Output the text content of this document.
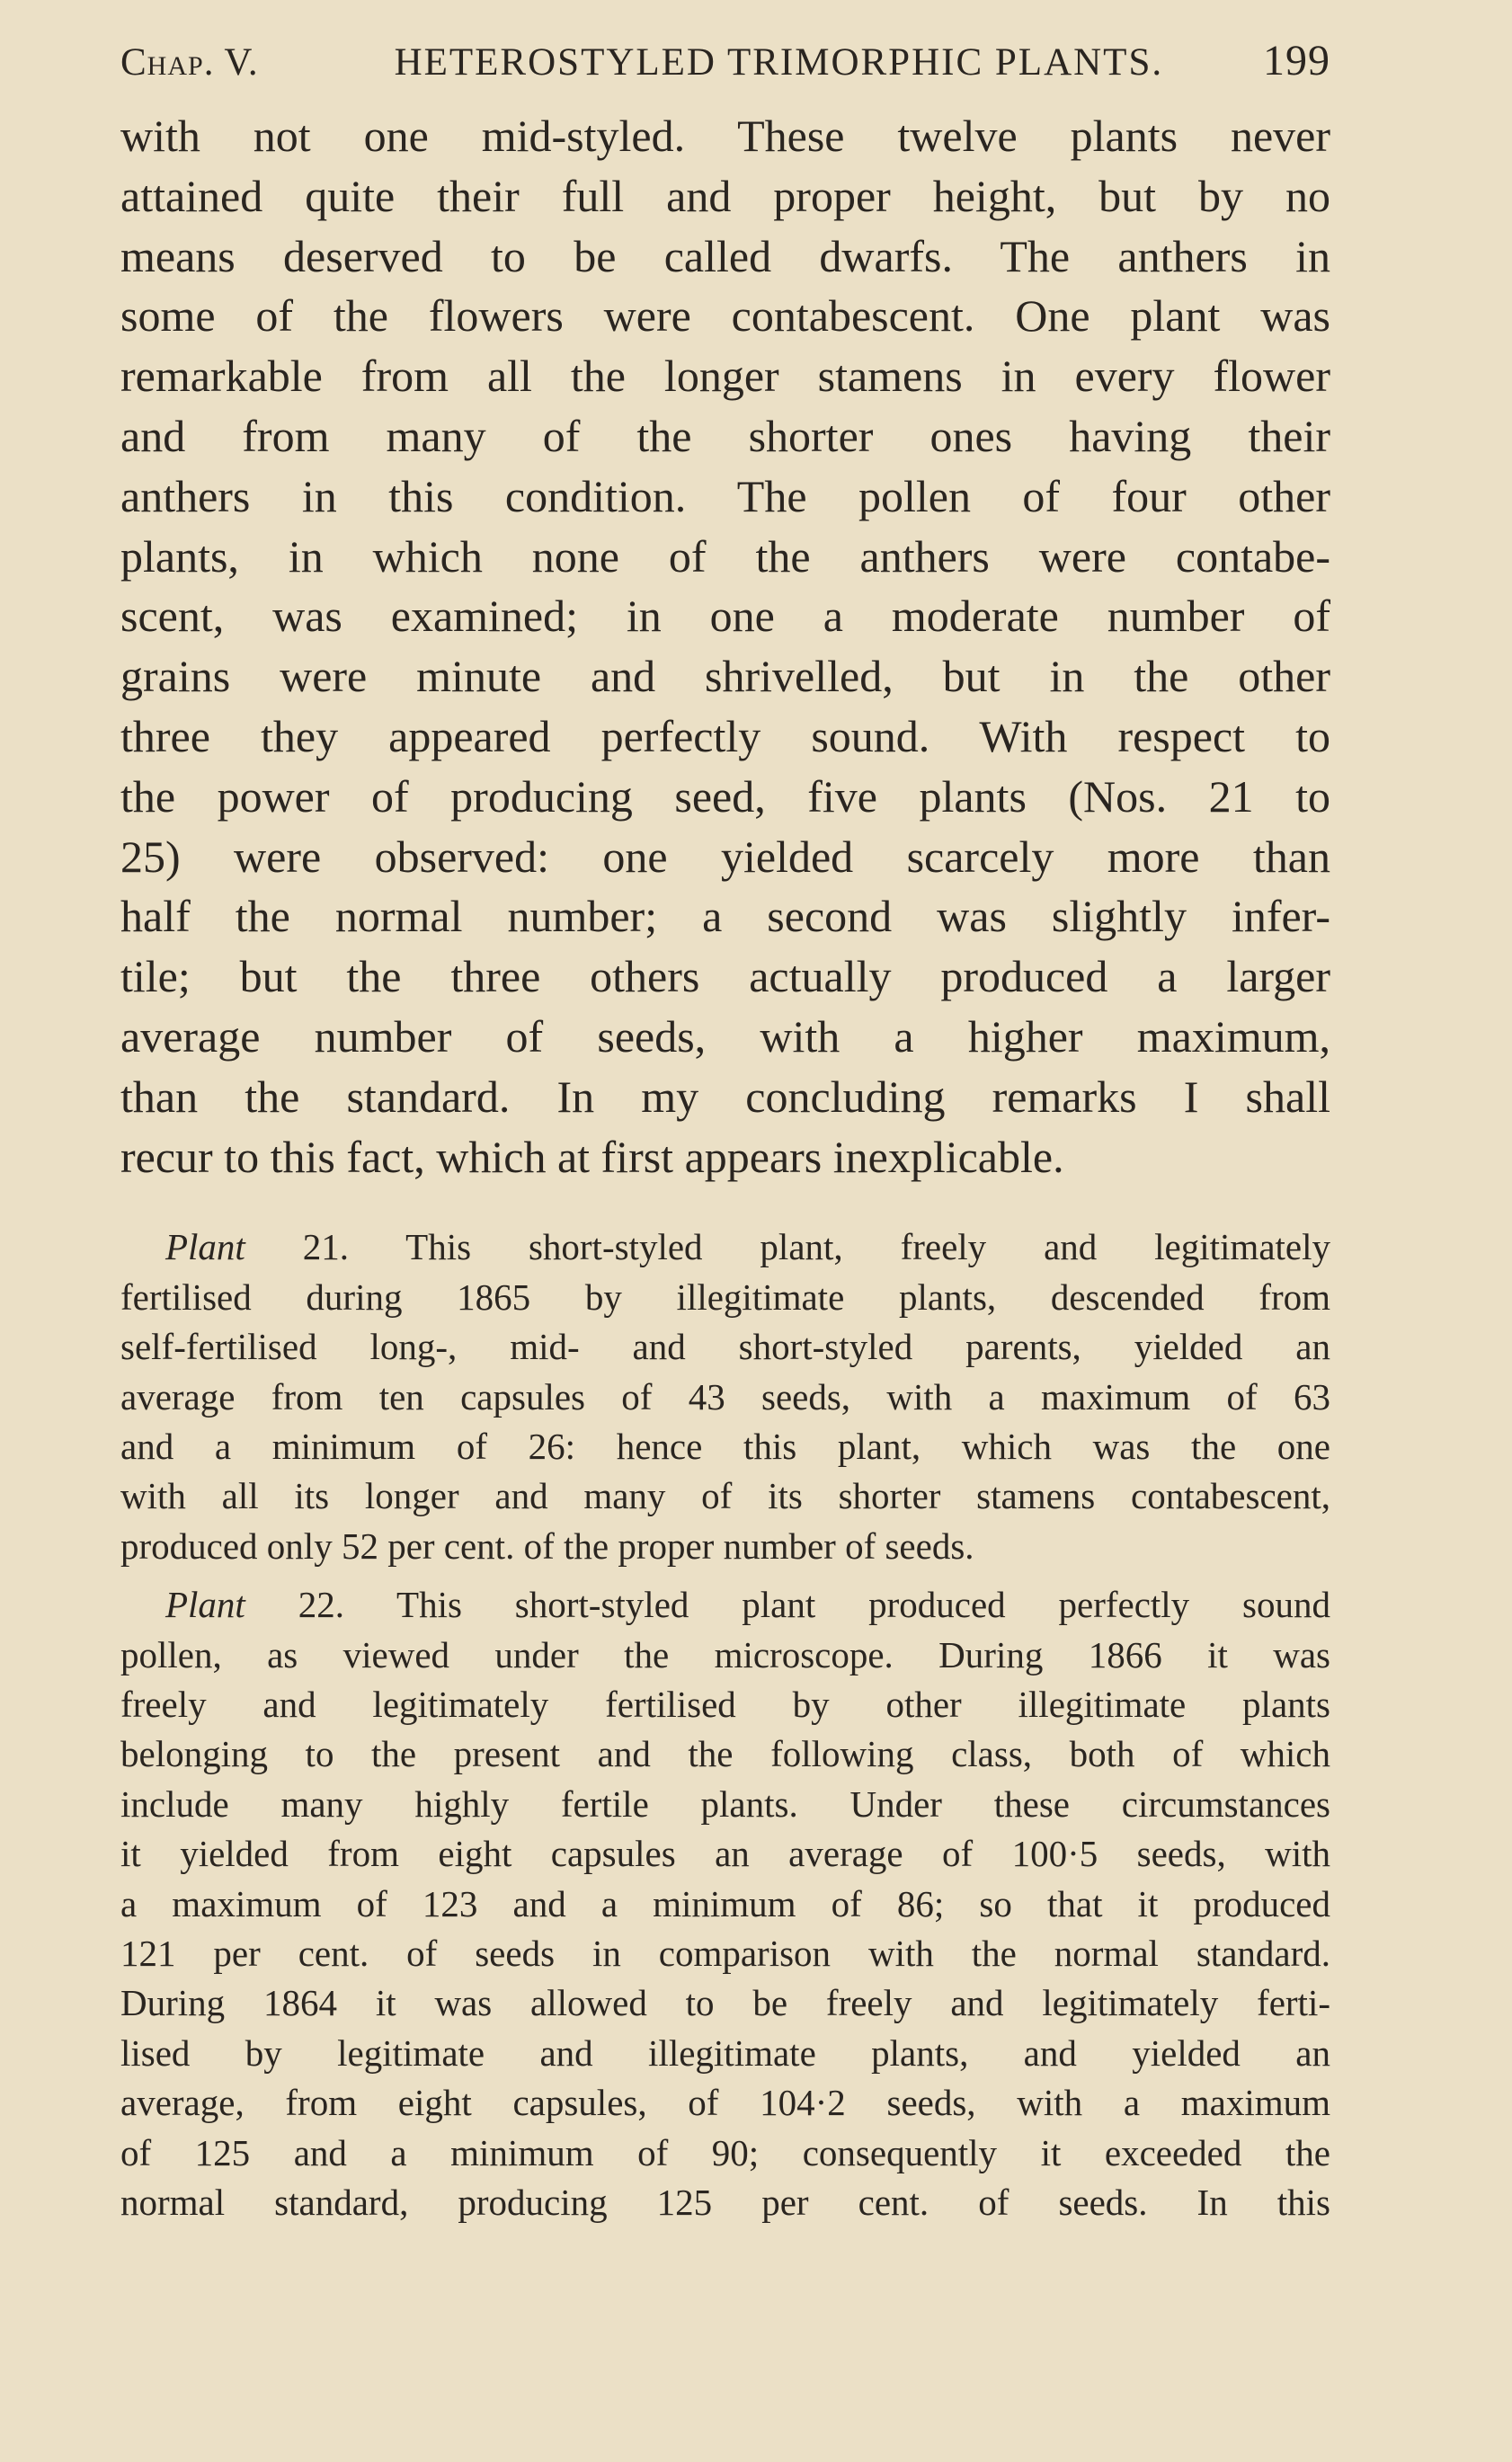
Chap. V.	HETEROSTYLED TRIMORPHIC PLANTS.	199
with not one mid-styled. These twelve plants never
attained quite their full and proper height, but by no
means deserved to be called dwarfs. The anthers in
some of the flowers were contabescent. One plant was
remarkable from all the longer stamens in every flower
and from many of the shorter ones having their
anthers in this condition. The pollen of four other
plants, in which none of the anthers were contabe-
scent, was examined; in one a moderate number of
grains were minute and shrivelled, but in the other
three they appeared perfectly sound. With respect to
the power of producing seed, five plants (Nos. 21 to
25) were observed: one yielded scarcely more than
half the normal number; a second was slightly infer-
tile; but the three others actually produced a larger
average number of seeds, with a higher maximum,
than the standard. In my concluding remarks I shall
recur to this fact, which at first appears inexplicable.
Plant 21. This short-styled plant, freely and legitimately
fertilised during 1865 by illegitimate plants, descended from
self-fertilised long-, mid- and short-styled parents, yielded an
average from ten capsules of 43 seeds, with a maximum of 63
and a minimum of 26: hence this plant, which was the one
with all its longer and many of its shorter stamens contabescent,
produced only 52 per cent. of the proper number of seeds.
Plant 22. This short-styled plant produced perfectly sound
pollen, as viewed under the microscope. During 1866 it was
freely and legitimately fertilised by other illegitimate plants
belonging to the present and the following class, both of which
include many highly fertile plants. Under these circumstances
it yielded from eight capsules an average of 100·5 seeds, with
a maximum of 123 and a minimum of 86; so that it produced
121 per cent. of seeds in comparison with the normal standard.
During 1864 it was allowed to be freely and legitimately ferti-
lised by legitimate and illegitimate plants, and yielded an
average, from eight capsules, of 104·2 seeds, with a maximum
of 125 and a minimum of 90; consequently it exceeded the
normal standard, producing 125 per cent. of seeds. In this
